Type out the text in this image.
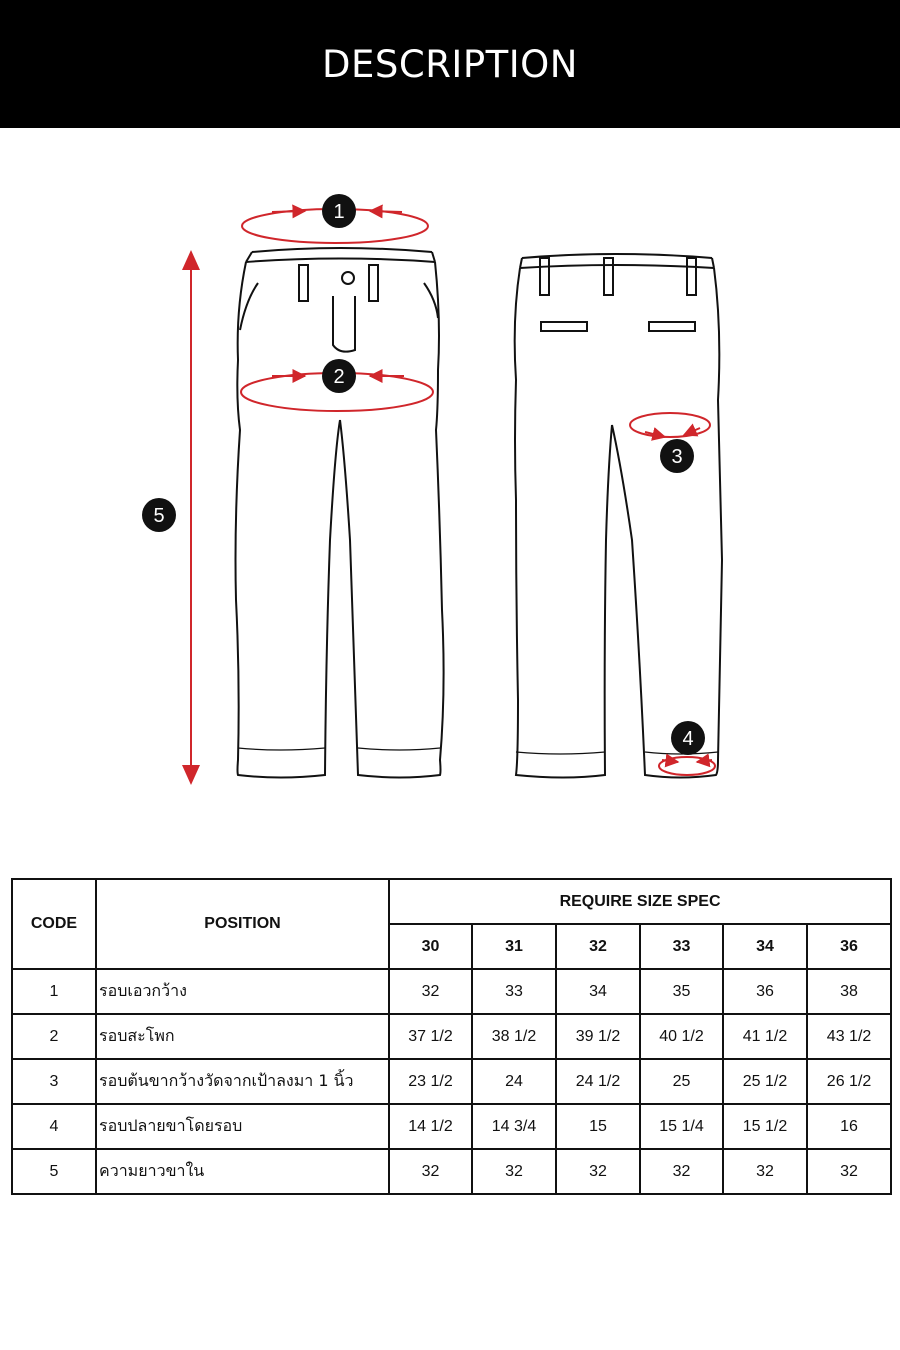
DESCRIPTION
1
2
3
4
5
CODE	POSITION	REQUIRE SIZE SPEC					
		30	31	32	33	34	36
1	รอบเอวกว้าง	32	33	34	35	36	38
2	รอบสะโพก	37 1/2	38 1/2	39 1/2	40 1/2	41 1/2	43 1/2
3	รอบต้นขากว้างวัดจากเป้าลงมา 1 นิ้ว	23 1/2	24	24 1/2	25	25 1/2	26 1/2
4	รอบปลายขาโดยรอบ	14 1/2	14 3/4	15	15 1/4	15 1/2	16
5	ความยาวขาใน	32	32	32	32	32	32
